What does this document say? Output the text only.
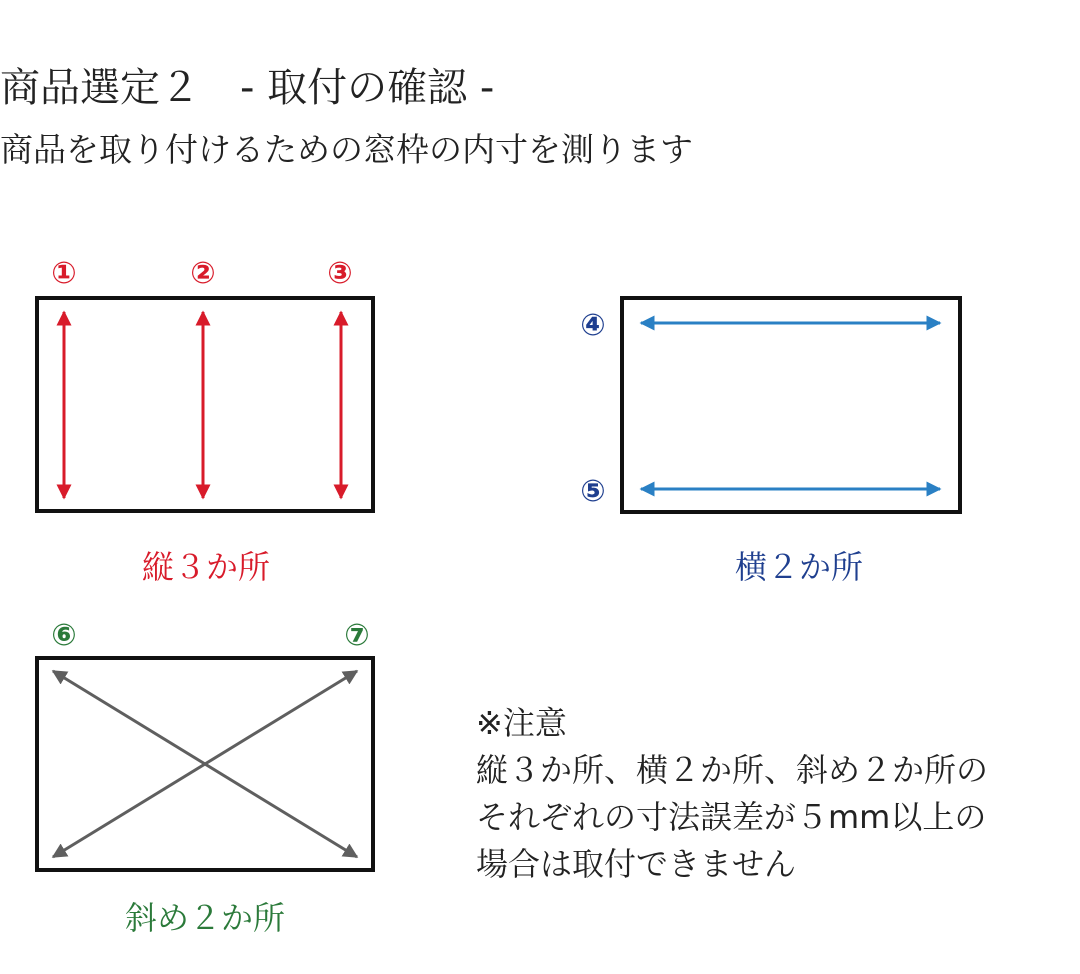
商品選定２　- 取付の確認 -
商品を取り付けるための窓枠の内寸を測ります
①	②	③
④
⑤
⑥	⑦
縦３か所	横２か所
斜め２か所
※注意
縦３か所、横２か所、斜め２か所の
それぞれの寸法誤差が５mm以上の
場合は取付できません
